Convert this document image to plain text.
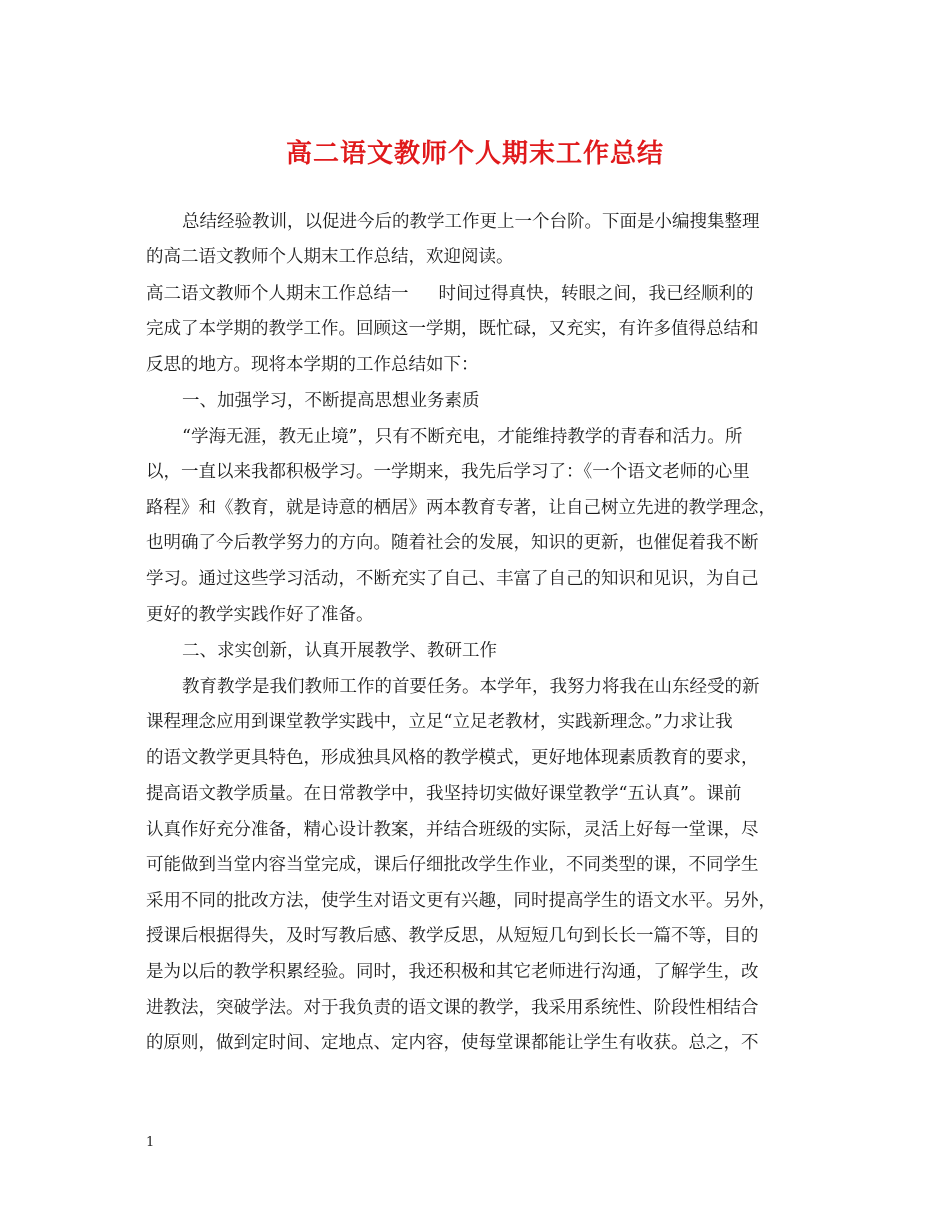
高二语文教师个人期末工作总结
总结经验教训，以促进今后的教学工作更上一个台阶。下面是小编搜集整理
的高二语文教师个人期末工作总结，欢迎阅读。
高二语文教师个人期末工作总结一 时间过得真快，转眼之间，我已经顺利的
完成了本学期的教学工作。回顾这一学期，既忙碌，又充实，有许多值得总结和
反思的地方。现将本学期的工作总结如下：
一、加强学习，不断提高思想业务素质
“学海无涯，教无止境”，只有不断充电，才能维持教学的青春和活力。所
以，一直以来我都积极学习。一学期来，我先后学习了：《一个语文老师的心里
路程》和《教育，就是诗意的栖居》两本教育专著，让自己树立先进的教学理念，
也明确了今后教学努力的方向。随着社会的发展，知识的更新，也催促着我不断
学习。通过这些学习活动，不断充实了自己、丰富了自己的知识和见识，为自己
更好的教学实践作好了准备。
二、求实创新，认真开展教学、教研工作
教育教学是我们教师工作的首要任务。本学年，我努力将我在山东经受的新
课程理念应用到课堂教学实践中，立足“立足老教材，实践新理念。”力求让我
的语文教学更具特色，形成独具风格的教学模式，更好地体现素质教育的要求，
提高语文教学质量。在日常教学中，我坚持切实做好课堂教学“五认真”。课前
认真作好充分准备，精心设计教案，并结合班级的实际，灵活上好每一堂课，尽
可能做到当堂内容当堂完成，课后仔细批改学生作业，不同类型的课，不同学生
采用不同的批改方法，使学生对语文更有兴趣，同时提高学生的语文水平。另外，
授课后根据得失，及时写教后感、教学反思，从短短几句到长长一篇不等，目的
是为以后的教学积累经验。同时，我还积极和其它老师进行沟通，了解学生，改
进教法，突破学法。对于我负责的语文课的教学，我采用系统性、阶段性相结合
的原则，做到定时间、定地点、定内容，使每堂课都能让学生有收获。总之，不
1
